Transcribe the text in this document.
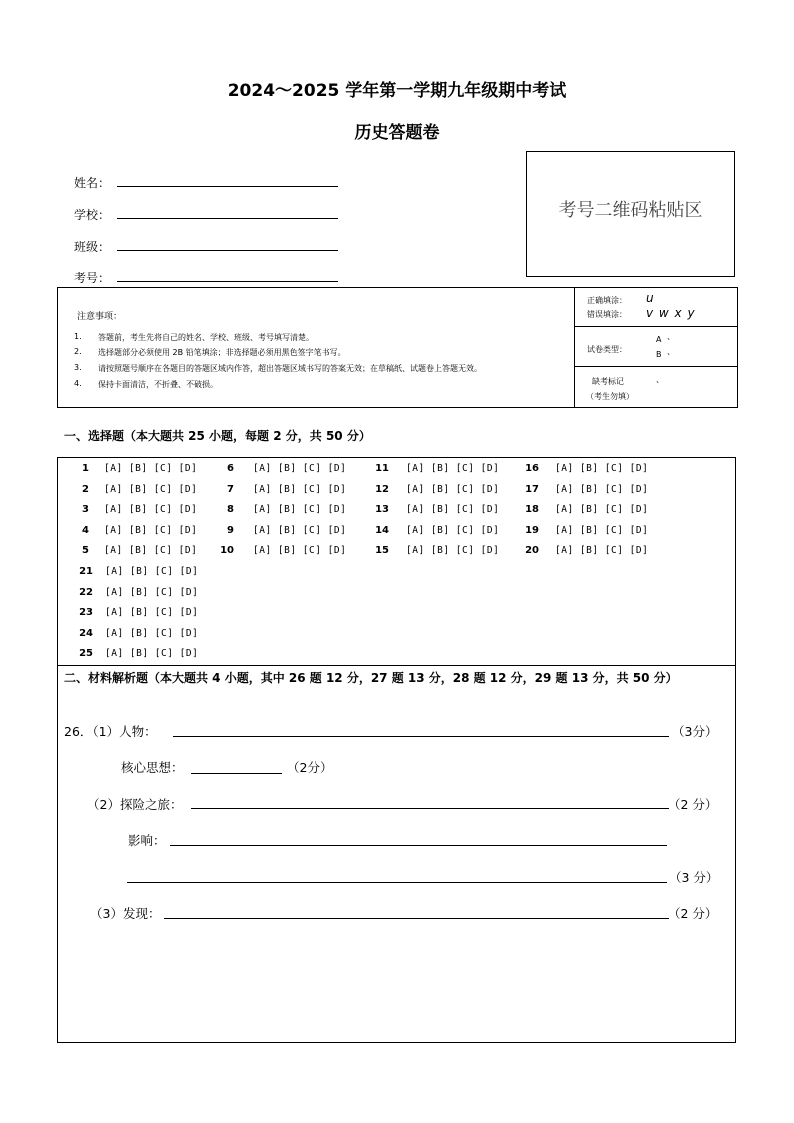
2024～2025 学年第一学期九年级期中考试
历史答题卷
姓名：
学校：
班级：
考号：
考号二维码粘贴区
注意事项：
1. 答题前，考生先将自己的姓名、学校、班级、考号填写清楚。
2. 选择题部分必须使用 2B 铅笔填涂；非选择题必须用黑色签字笔书写。
3. 请按照题号顺序在各题目的答题区域内作答，超出答题区域书写的答案无效；在草稿纸、试题卷上答题无效。
4. 保持卡面清洁，不折叠、不破损。
正确填涂： u
错误填涂： v w x y
试卷类型：
A 、
B 、
缺考标记	、
（考生勿填）
一、选择题（本大题共 25 小题，每题 2 分，共 50 分）
1 [A] [B] [C] [D]
2 [A] [B] [C] [D]
3 [A] [B] [C] [D]
4 [A] [B] [C] [D]
5 [A] [B] [C] [D]
6 [A] [B] [C] [D]
7 [A] [B] [C] [D]
8 [A] [B] [C] [D]
9 [A] [B] [C] [D]
10 [A] [B] [C] [D]
11 [A] [B] [C] [D]
12 [A] [B] [C] [D]
13 [A] [B] [C] [D]
14 [A] [B] [C] [D]
15 [A] [B] [C] [D]
16 [A] [B] [C] [D]
17 [A] [B] [C] [D]
18 [A] [B] [C] [D]
19 [A] [B] [C] [D]
20 [A] [B] [C] [D]
21 [A] [B] [C] [D]
22 [A] [B] [C] [D]
23 [A] [B] [C] [D]
24 [A] [B] [C] [D]
25 [A] [B] [C] [D]
二、材料解析题（本大题共 4 小题，其中 26 题 12 分，27 题 13 分，28 题 12 分，29 题 13 分，共 50 分）
26．（1）人物：	（3分）
核心思想：	（2分）
（2）探险之旅：	（2 分）
影响：
（3 分）
（3）发现：	（2 分）
